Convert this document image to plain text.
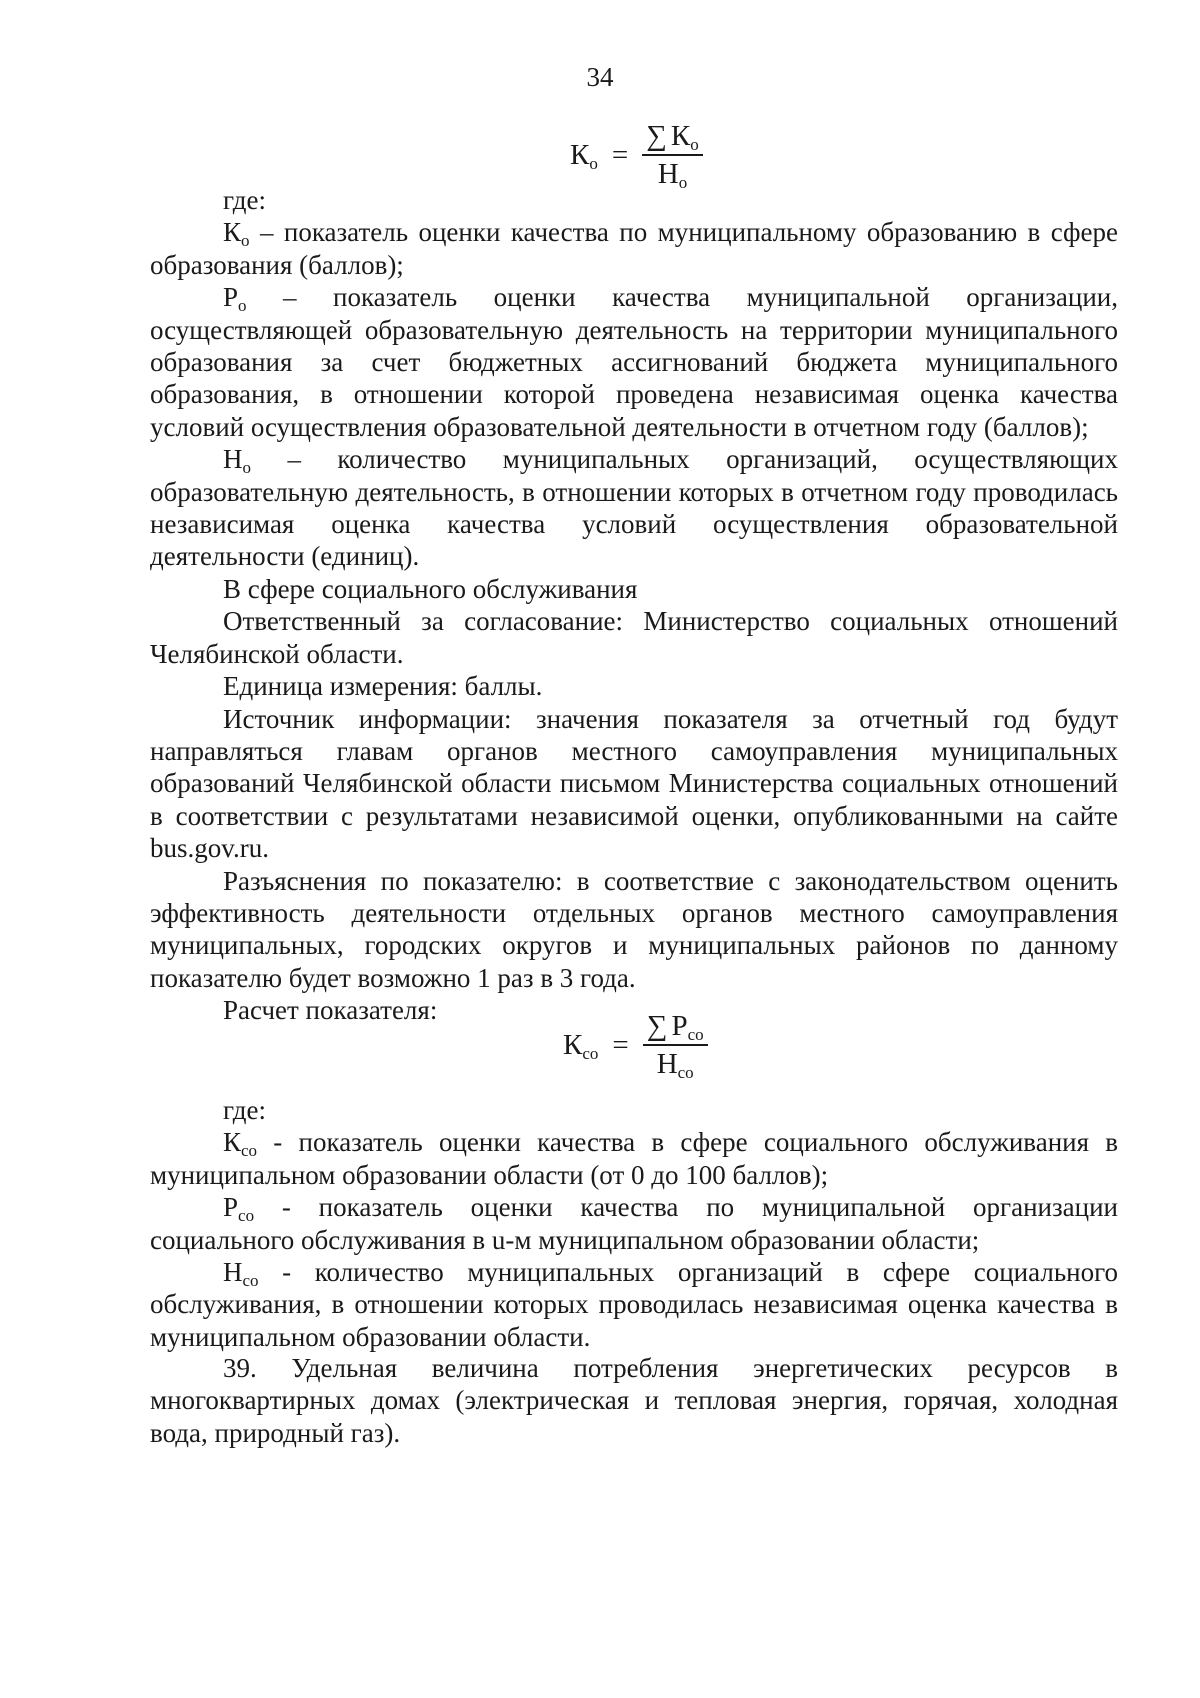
34
$К_о = \frac{\sum К_о}{Н_о}$

где:

$К_о$ – показатель оценки качества по муниципальному образованию в сфере образования (баллов);

$Р_о$ – показатель оценки качества муниципальной организации, осуществляющей образовательную деятельность на территории муниципального образования за счет бюджетных ассигнований бюджета муниципального образования, в отношении которой проведена независимая оценка качества условий осуществления образовательной деятельности в отчетном году (баллов);

$Н_о$ – количество муниципальных организаций, осуществляющих образовательную деятельность, в отношении которых в отчетном году проводилась независимая оценка качества условий осуществления образовательной деятельности (единиц).

В сфере социального обслуживания

Ответственный за согласование: Министерство социальных отношений Челябинской области.

Единица измерения: баллы.

Источник информации: значения показателя за отчетный год будут направляться главам органов местного самоуправления муниципальных образований Челябинской области письмом Министерства социальных отношений в соответствии с результатами независимой оценки, опубликованными на сайте bus.gov.ru.

Разъяснения по показателю: в соответствие с законодательством оценить эффективность деятельности отдельных органов местного самоуправления муниципальных, городских округов и муниципальных районов по данному показателю будет возможно 1 раз в 3 года.

Расчет показателя:

$К_{со} = \frac{\sum Р_{со}}{Н_{со}}$

где:

$К_{со}$ - показатель оценки качества в сфере социального обслуживания в муниципальном образовании области (от 0 до 100 баллов);

$Р_{со}$ - показатель оценки качества по муниципальной организации социального обслуживания в u-м муниципальном образовании области;

$Н_{со}$ - количество муниципальных организаций в сфере социального обслуживания, в отношении которых проводилась независимая оценка качества в муниципальном образовании области.

39. Удельная величина потребления энергетических ресурсов в многоквартирных домах (электрическая и тепловая энергия, горячая, холодная вода, природный газ).
